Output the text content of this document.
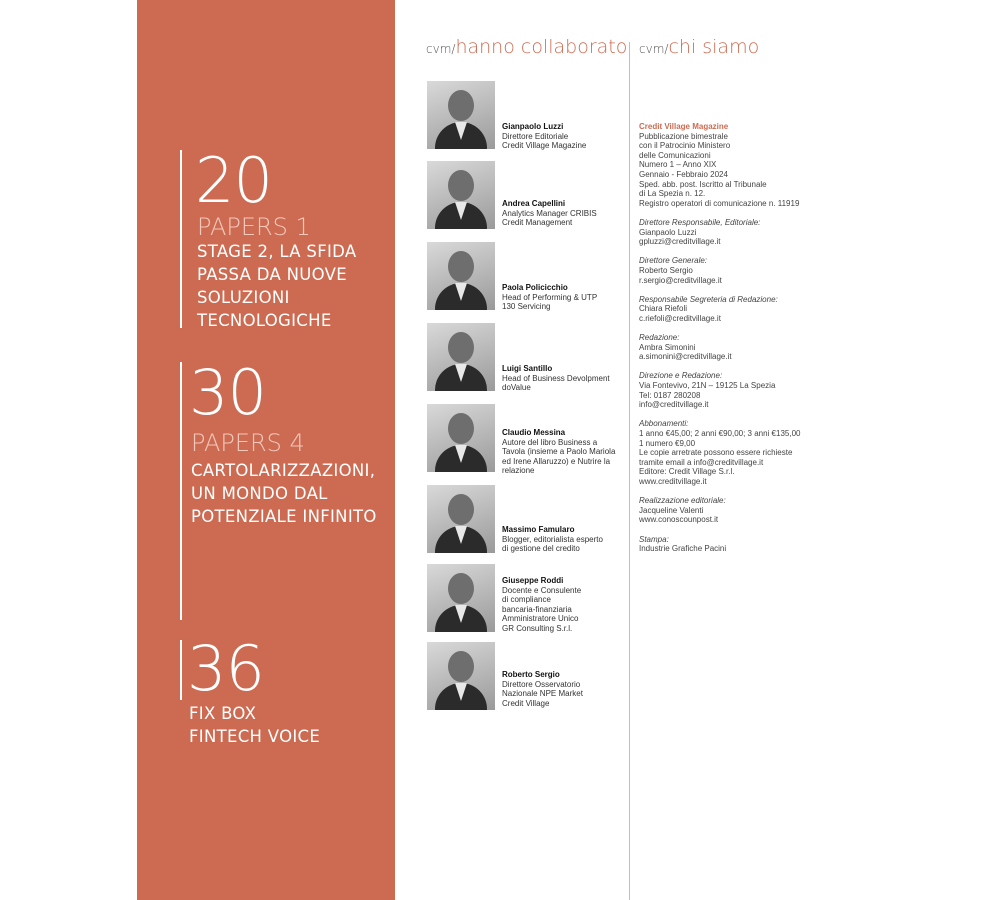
20
PAPERS 1
STAGE 2, LA SFIDA
PASSA DA NUOVE
SOLUZIONI
TECNOLOGICHE
30
PAPERS 4
CARTOLARIZZAZIONI,
UN MONDO DAL
POTENZIALE INFINITO
36
FIX BOX
FINTECH VOICE
cvm/hanno collaborato cvm/chi siamo
Gianpaolo Luzzi
Direttore Editoriale
Credit Village Magazine
Andrea Capellini
Analytics Manager CRIBIS
Credit Management
Paola Policicchio
Head of Performing & UTP
130 Servicing
Luigi Santillo
Head of Business Devolpment
doValue
Claudio Messina
Autore del libro Business a
Tavola (insieme a Paolo Mariola
ed Irene Allaruzzo) e Nutrire la
relazione
Massimo Famularo
Blogger, editorialista esperto
di gestione del credito
Giuseppe Roddi
Docente e Consulente
di compliance
bancaria-finanziaria
Amministratore Unico
GR Consulting S.r.l.
Roberto Sergio
Direttore Osservatorio
Nazionale NPE Market
Credit Village
Credit Village Magazine
Pubblicazione bimestrale
con il Patrocinio Ministero
delle Comunicazioni
Numero 1 – Anno XIX
Gennaio - Febbraio 2024
Sped. abb. post. Iscritto al Tribunale
di La Spezia n. 12.
Registro operatori di comunicazione n. 11919
Direttore Responsabile, Editoriale:
Gianpaolo Luzzi
gpluzzi@creditvillage.it
Direttore Generale:
Roberto Sergio
r.sergio@creditvillage.it
Responsabile Segreteria di Redazione:
Chiara Riefoli
c.riefoli@creditvillage.it
Redazione:
Ambra Simonini
a.simonini@creditvillage.it
Direzione e Redazione:
Via Fontevivo, 21N – 19125 La Spezia
Tel: 0187 280208
info@creditvillage.it
Abbonamenti:
1 anno €45,00; 2 anni €90,00; 3 anni €135,00
1 numero €9,00
Le copie arretrate possono essere richieste
tramite email a info@creditvillage.it
Editore: Credit Village S.r.l.
www.creditvillage.it
Realizzazione editoriale:
Jacqueline Valenti
www.conoscounpost.it
Stampa:
Industrie Grafiche Pacini
